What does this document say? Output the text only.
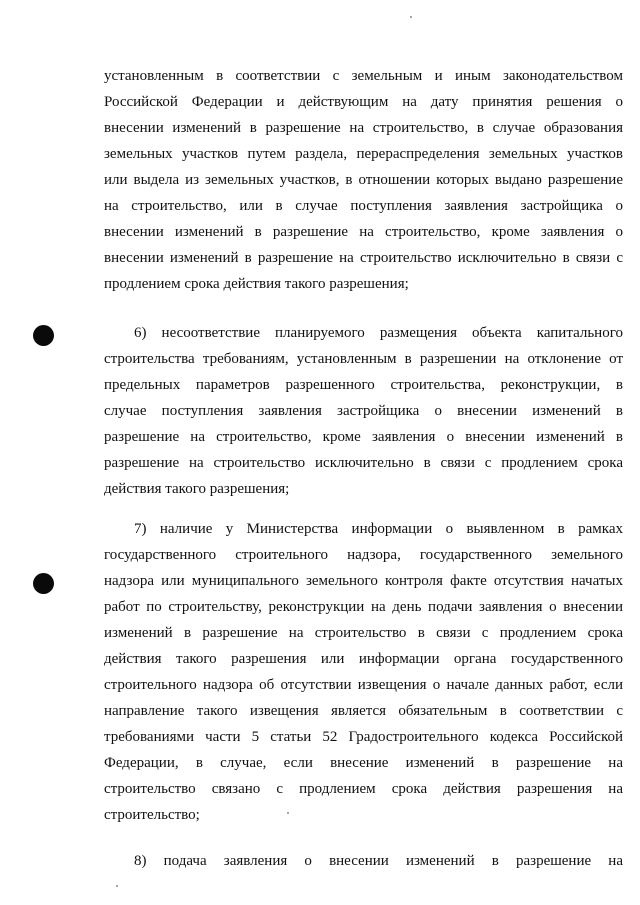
установленным в соответствии с земельным и иным законодательством
Российской Федерации и действующим на дату принятия решения о
внесении изменений в разрешение на строительство, в случае образования
земельных участков путем раздела, перераспределения земельных участков
или выдела из земельных участков, в отношении которых выдано разрешение
на строительство, или в случае поступления заявления застройщика о
внесении изменений в разрешение на строительство, кроме заявления о
внесении изменений в разрешение на строительство исключительно в связи с
продлением срока действия такого разрешения;
6) несоответствие планируемого размещения объекта капитального
строительства требованиям, установленным в разрешении на отклонение от
предельных параметров разрешенного строительства, реконструкции, в
случае поступления заявления застройщика о внесении изменений в
разрешение на строительство, кроме заявления о внесении изменений в
разрешение на строительство исключительно в связи с продлением срока
действия такого разрешения;
7) наличие у Министерства информации о выявленном в рамках
государственного строительного надзора, государственного земельного
надзора или муниципального земельного контроля факте отсутствия начатых
работ по строительству, реконструкции на день подачи заявления о внесении
изменений в разрешение на строительство в связи с продлением срока
действия такого разрешения или информации органа государственного
строительного надзора об отсутствии извещения о начале данных работ, если
направление такого извещения является обязательным в соответствии с
требованиями части 5 статьи 52 Градостроительного кодекса Российской
Федерации, в случае, если внесение изменений в разрешение на
строительство связано с продлением срока действия разрешения на
строительство;
8) подача заявления о внесении изменений в разрешение на
